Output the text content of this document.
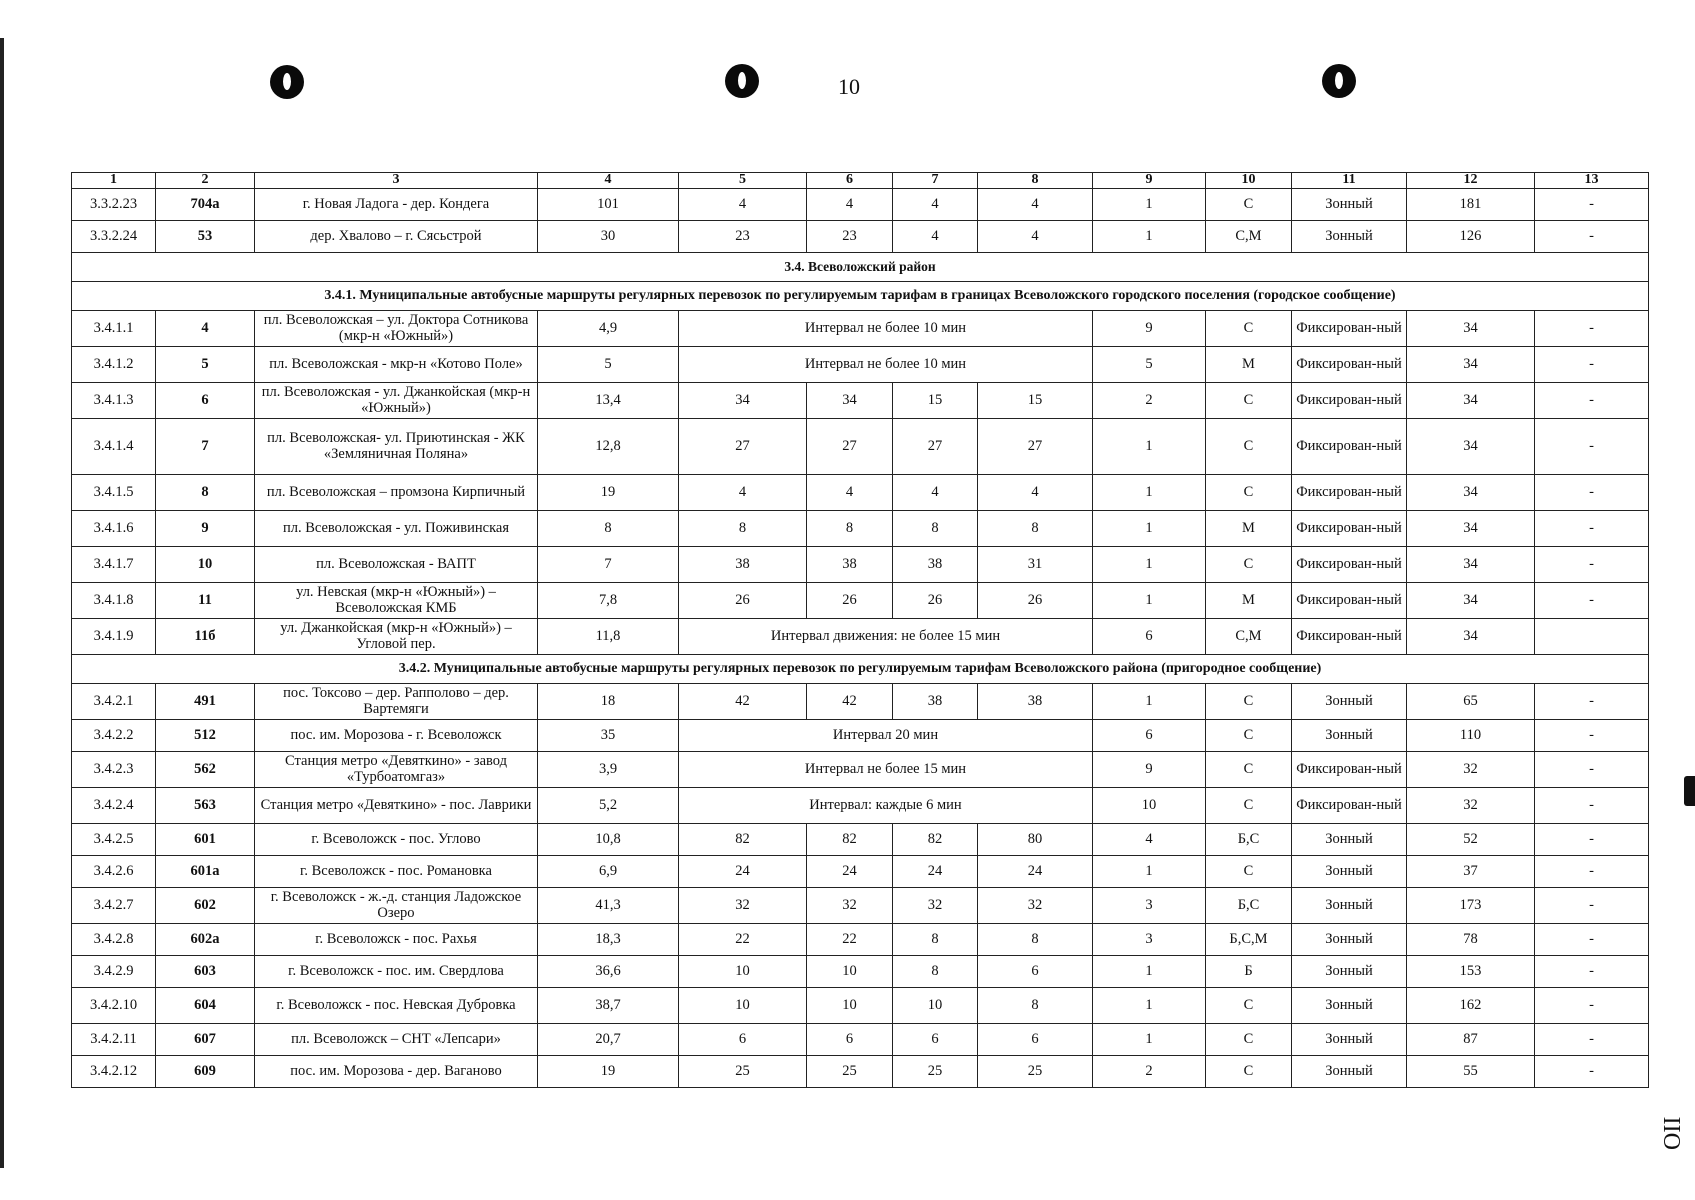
10
OII
1	2	3	4	5	6	7	8	9	10	11	12	13
3.3.2.23	704а	г. Новая Ладога - дер. Кондега	101	4	4	4	4	1	С	Зонный	181	-
3.3.2.24	53	дер. Хвалово – г. Сясьстрой	30	23	23	4	4	1	С,М	Зонный	126	-
3.4. Всеволожский район												
3.4.1. Муниципальные автобусные маршруты регулярных перевозок по регулируемым тарифам в границах Всеволожского городского поселения (городское сообщение)												
3.4.1.1	4	пл. Всеволожская – ул. Доктора Сотникова (мкр-н «Южный»)	4,9	Интервал не более 10 мин				9	С	Фиксирован-ный	34	-
3.4.1.2	5	пл. Всеволожская - мкр-н «Котово Поле»	5	Интервал не более 10 мин				5	М	Фиксирован-ный	34	-
3.4.1.3	6	пл. Всеволожская - ул. Джанкойская (мкр-н «Южный»)	13,4	34	34	15	15	2	С	Фиксирован-ный	34	-
3.4.1.4	7	пл. Всеволожская- ул. Приютинская - ЖК «Земляничная Поляна»	12,8	27	27	27	27	1	С	Фиксирован-ный	34	-
3.4.1.5	8	пл. Всеволожская – промзона Кирпичный	19	4	4	4	4	1	С	Фиксирован-ный	34	-
3.4.1.6	9	пл. Всеволожская - ул. Поживинская	8	8	8	8	8	1	М	Фиксирован-ный	34	-
3.4.1.7	10	пл. Всеволожская - ВАПТ	7	38	38	38	31	1	С	Фиксирован-ный	34	-
3.4.1.8	11	ул. Невская (мкр-н «Южный») – Всеволожская КМБ	7,8	26	26	26	26	1	М	Фиксирован-ный	34	-
3.4.1.9	11б	ул. Джанкойская (мкр-н «Южный») – Угловой пер.	11,8	Интервал движения: не более 15 мин				6	С,М	Фиксирован-ный	34	
3.4.2. Муниципальные автобусные маршруты регулярных перевозок по регулируемым тарифам Всеволожского района (пригородное сообщение)												
3.4.2.1	491	пос. Токсово – дер. Рапполово – дер. Вартемяги	18	42	42	38	38	1	С	Зонный	65	-
3.4.2.2	512	пос. им. Морозова - г. Всеволожск	35	Интервал 20 мин				6	С	Зонный	110	-
3.4.2.3	562	Станция метро «Девяткино» - завод «Турбоатомгаз»	3,9	Интервал не более 15 мин				9	С	Фиксирован-ный	32	-
3.4.2.4	563	Станция метро «Девяткино» - пос. Лаврики	5,2	Интервал: каждые 6 мин				10	С	Фиксирован-ный	32	-
3.4.2.5	601	г. Всеволожск - пос. Углово	10,8	82	82	82	80	4	Б,С	Зонный	52	-
3.4.2.6	601а	г. Всеволожск - пос. Романовка	6,9	24	24	24	24	1	С	Зонный	37	-
3.4.2.7	602	г. Всеволожск - ж.-д. станция Ладожское Озеро	41,3	32	32	32	32	3	Б,С	Зонный	173	-
3.4.2.8	602а	г. Всеволожск - пос. Рахья	18,3	22	22	8	8	3	Б,С,М	Зонный	78	-
3.4.2.9	603	г. Всеволожск - пос. им. Свердлова	36,6	10	10	8	6	1	Б	Зонный	153	-
3.4.2.10	604	г. Всеволожск - пос. Невская Дубровка	38,7	10	10	10	8	1	С	Зонный	162	-
3.4.2.11	607	пл. Всеволожск – СНТ «Лепсари»	20,7	6	6	6	6	1	С	Зонный	87	-
3.4.2.12	609	пос. им. Морозова - дер. Ваганово	19	25	25	25	25	2	С	Зонный	55	-
